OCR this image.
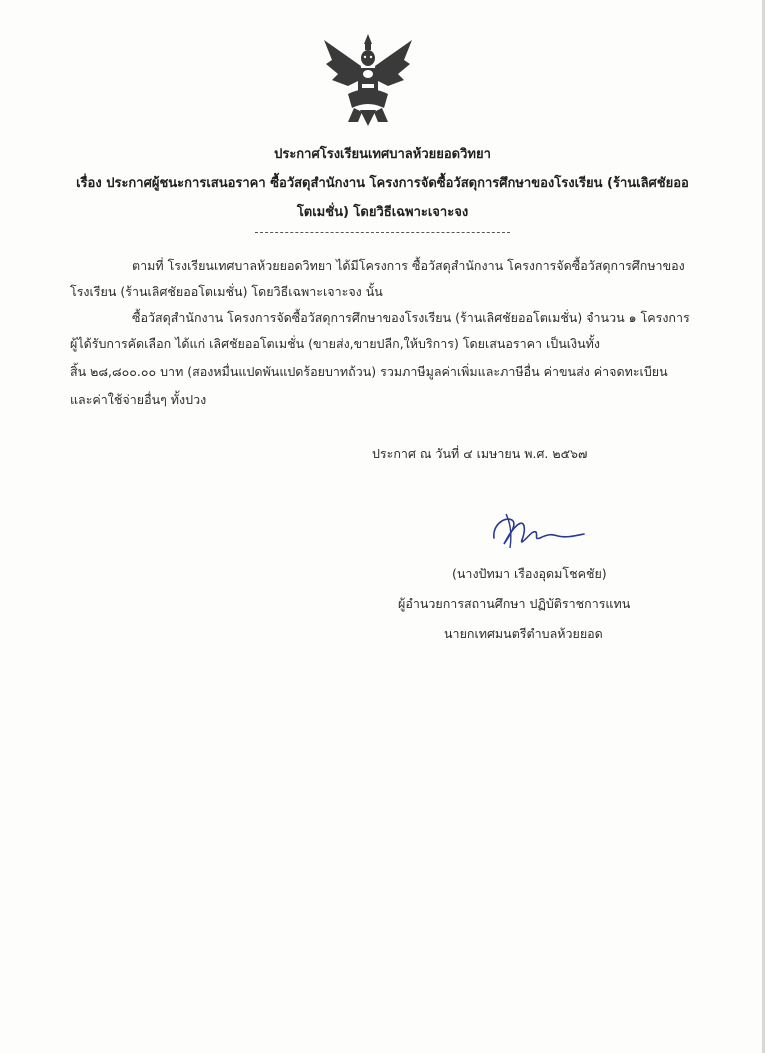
ประกาศโรงเรียนเทศบาลห้วยยอดวิทยา
เรื่อง ประกาศผู้ชนะการเสนอราคา ซื้อวัสดุสำนักงาน โครงการจัดซื้อวัสดุการศึกษาของโรงเรียน (ร้านเลิศชัยออ
โตเมชั่น) โดยวิธีเฉพาะเจาะจง
ตามที่ โรงเรียนเทศบาลห้วยยอดวิทยา ได้มีโครงการ ซื้อวัสดุสำนักงาน โครงการจัดซื้อวัสดุการศึกษาของ
โรงเรียน (ร้านเลิศชัยออโตเมชั่น) โดยวิธีเฉพาะเจาะจง นั้น
ซื้อวัสดุสำนักงาน โครงการจัดซื้อวัสดุการศึกษาของโรงเรียน (ร้านเลิศชัยออโตเมชั่น) จำนวน ๑ โครงการ
ผู้ได้รับการคัดเลือก ได้แก่ เลิศชัยออโตเมชั่น (ขายส่ง,ขายปลีก,ให้บริการ) โดยเสนอราคา เป็นเงินทั้ง
สิ้น ๒๘,๘๐๐.๐๐ บาท (สองหมื่นแปดพันแปดร้อยบาทถ้วน) รวมภาษีมูลค่าเพิ่มและภาษีอื่น ค่าขนส่ง ค่าจดทะเบียน
และค่าใช้จ่ายอื่นๆ ทั้งปวง
ประกาศ ณ วันที่ ๔ เมษายน พ.ศ. ๒๕๖๗
(นางปัทมา เรืองอุดมโชคชัย)
ผู้อำนวยการสถานศึกษา ปฏิบัติราชการแทน
นายกเทศมนตรีตำบลห้วยยอด
